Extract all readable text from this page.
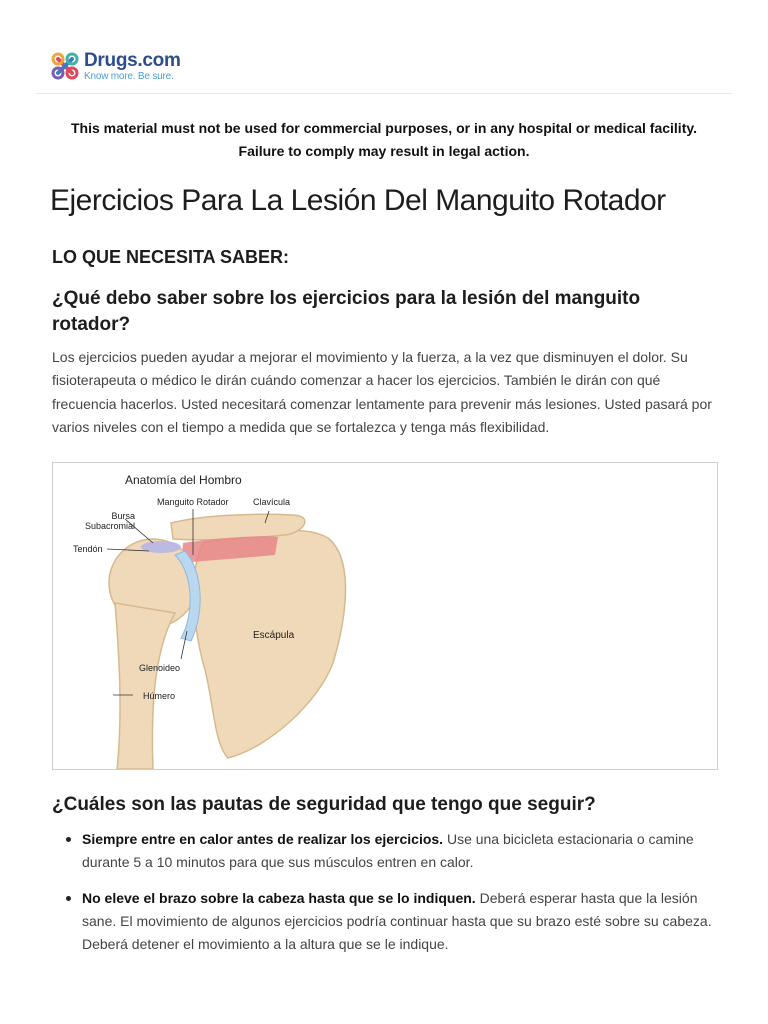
Drugs.com
Know more. Be sure.
This material must not be used for commercial purposes, or in any hospital or medical facility. Failure to comply may result in legal action.
Ejercicios Para La Lesión Del Manguito Rotador
LO QUE NECESITA SABER:
¿Qué debo saber sobre los ejercicios para la lesión del manguito rotador?

Los ejercicios pueden ayudar a mejorar el movimiento y la fuerza, a la vez que disminuyen el dolor. Su fisioterapeuta o médico le dirán cuándo comenzar a hacer los ejercicios. También le dirán con qué frecuencia hacerlos. Usted necesitará comenzar lentamente para prevenir más lesiones. Usted pasará por varios niveles con el tiempo a medida que se fortalezca y tenga más flexibilidad.

Anatomía del Hombro
Manguito Rotador	Clavícula
Bursa
Subacromial
Tendón
Escápula
Glenoideo
Húmero
¿Cuáles son las pautas de seguridad que tengo que seguir?
Siempre entre en calor antes de realizar los ejercicios. Use una bicicleta estacionaria o camine durante 5 a 10 minutos para que sus músculos entren en calor.
No eleve el brazo sobre la cabeza hasta que se lo indiquen. Deberá esperar hasta que la lesión sane. El movimiento de algunos ejercicios podría continuar hasta que su brazo esté sobre su cabeza. Deberá detener el movimiento a la altura que se le indique.
